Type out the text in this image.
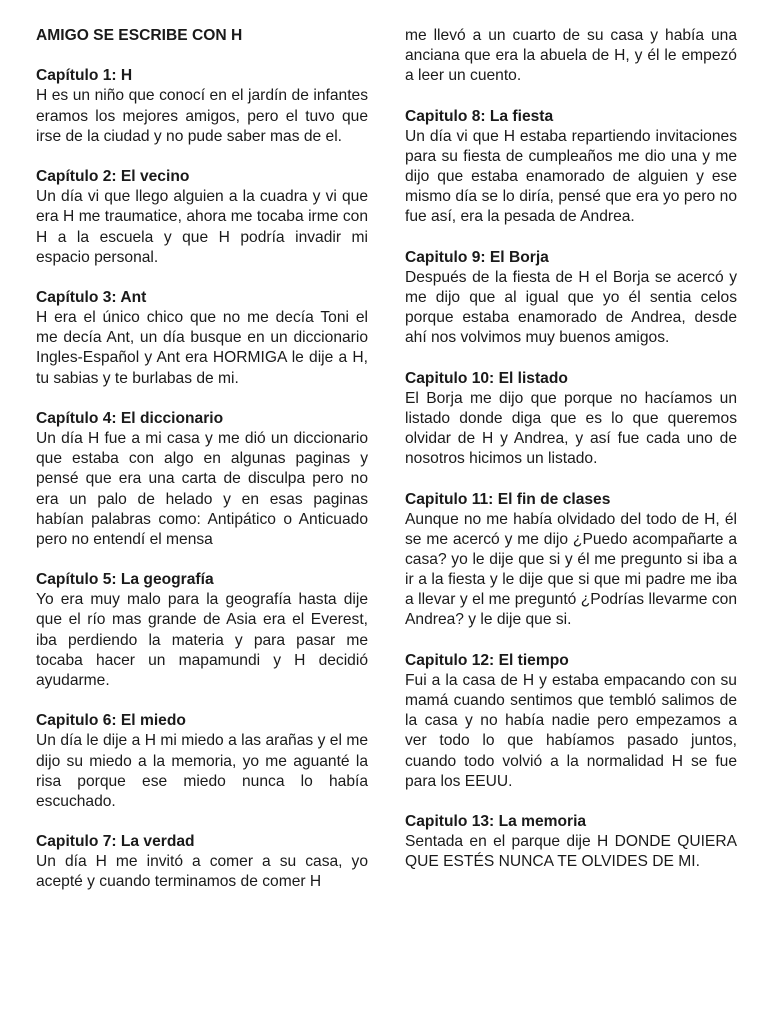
AMIGO SE ESCRIBE CON H

Capítulo 1: H

H es un niño que conocí en el jardín de infantes eramos los mejores amigos, pero el tuvo que irse de la ciudad y no pude saber mas de el.

Capítulo 2: El vecino

Un día vi que llego alguien a la cuadra y vi que era H me traumatice, ahora me tocaba irme con H a la escuela y que H podría invadir mi espacio personal.

Capítulo 3: Ant

H era el único chico que no me decía Toni el me decía Ant, un día busque en un diccionario Ingles-Español y Ant era HORMIGA le dije a H, tu sabias y te burlabas de mi.

Capítulo 4: El diccionario

Un día H fue a mi casa y me dió un diccionario que estaba con algo en algunas paginas y pensé que era una carta de disculpa pero no era un palo de helado y en esas paginas habían palabras como: Antipático o Anticuado pero no entendí el mensa

Capítulo 5: La geografía

Yo era muy malo para la geografía hasta dije que el río mas grande de Asia era el Everest, iba perdiendo la materia y para pasar me tocaba hacer un mapamundi y H decidió ayudarme.

Capitulo 6: El miedo

Un día le dije a H mi miedo a las arañas y el me dijo su miedo a la memoria, yo me aguanté la risa porque ese miedo nunca lo había escuchado.

Capitulo 7: La verdad

Un día H me invitó a comer a su casa, yo acepté y cuando terminamos de comer H

me llevó a un cuarto de su casa y había una anciana que era la abuela de H, y él le empezó a leer un cuento.

Capitulo 8: La fiesta

Un día vi que H estaba repartiendo invitaciones para su fiesta de cumpleaños me dio una y me dijo que estaba enamorado de alguien y ese mismo día se lo diría, pensé que era yo pero no fue así, era la pesada de Andrea.

Capitulo 9: El Borja

Después de la fiesta de H el Borja se acercó y me dijo que al igual que yo él sentia celos porque estaba enamorado de Andrea, desde ahí nos volvimos muy buenos amigos.

Capitulo 10: El listado

El Borja me dijo que porque no hacíamos un listado donde diga que es lo que queremos olvidar de H y Andrea, y así fue cada uno de nosotros hicimos un listado.

Capitulo 11: El fin de clases

Aunque no me había olvidado del todo de H, él se me acercó y me dijo ¿Puedo acompañarte a casa? yo le dije que si y él me pregunto si iba a ir a la fiesta y le dije que si que mi padre me iba a llevar y el me preguntó ¿Podrías llevarme con Andrea? y le dije que si.

Capitulo 12: El tiempo

Fui a la casa de H y estaba empacando con su mamá cuando sentimos que tembló salimos de la casa y no había nadie pero empezamos a ver todo lo que habíamos pasado juntos, cuando todo volvió a la normalidad H se fue para los EEUU.

Capitulo 13: La memoria

Sentada en el parque dije H DONDE QUIERA QUE ESTÉS NUNCA TE OLVIDES DE MI.
